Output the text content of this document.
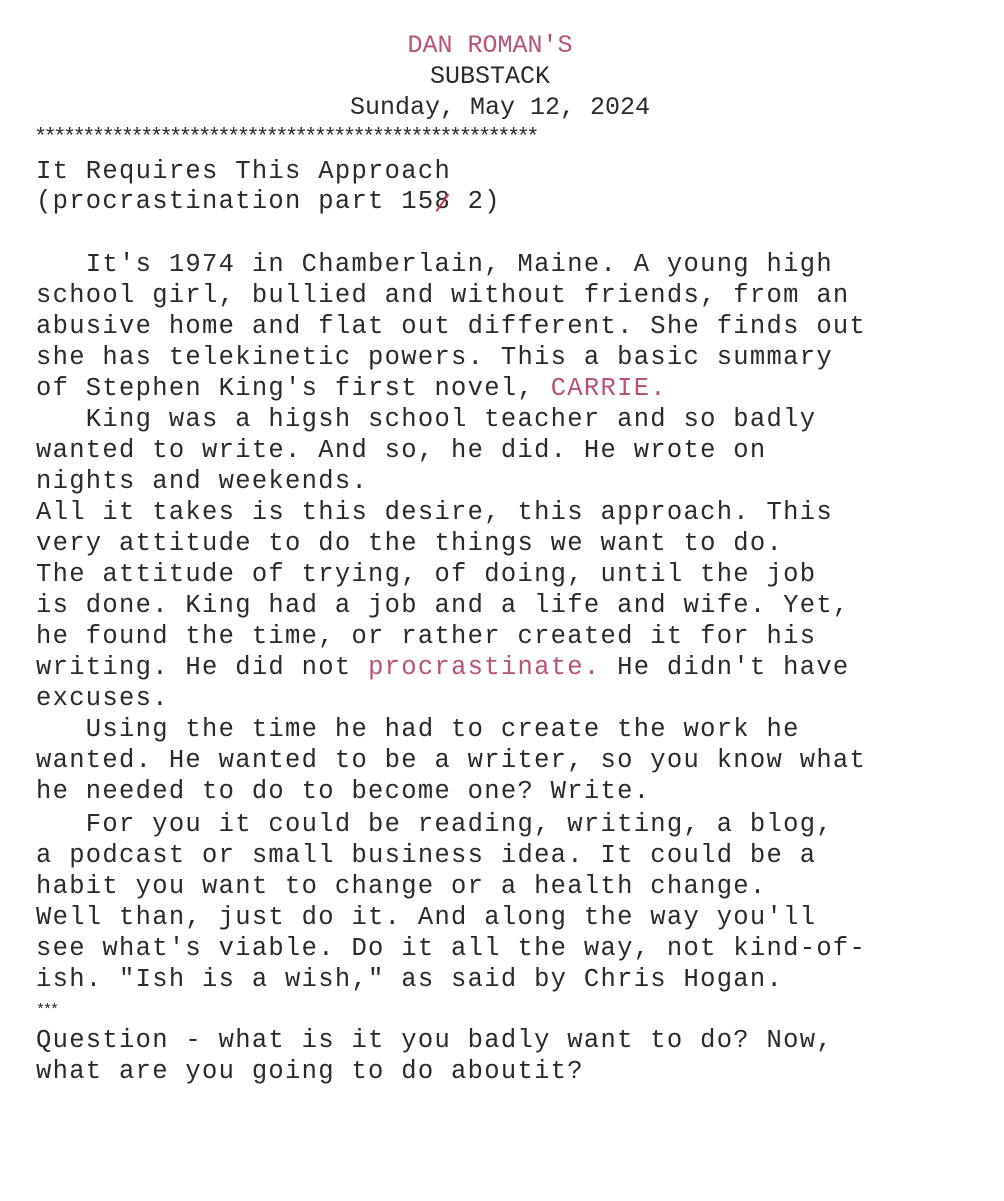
DAN ROMAN'S
SUBSTACK
Sunday, May 12, 2024
****************************************************
It Requires This Approach
(procrastination part 158 2)
It's 1974 in Chamberlain, Maine. A young high
school girl, bullied and without friends, from an
abusive home and flat out different. She finds out
she has telekinetic powers. This a basic summary
of Stephen King's first novel, CARRIE.
King was a higsh school teacher and so badly
wanted to write. And so, he did. He wrote on
nights and weekends.
All it takes is this desire, this approach. This
very attitude to do the things we want to do.
The attitude of trying, of doing, until the job
is done. King had a job and a life and wife. Yet,
he found the time, or rather created it for his
writing. He did not procrastinate. He didn't have
excuses.
Using the time he had to create the work he
wanted. He wanted to be a writer, so you know what
he needed to do to become one? Write.
For you it could be reading, writing, a blog,
a podcast or small business idea. It could be a
habit you want to change or a health change.
Well than, just do it. And along the way you'll
see what's viable. Do it all the way, not kind-of-
ish. "Ish is a wish," as said by Chris Hogan.
***
Question - what is it you badly want to do? Now,
what are you going to do aboutit?
